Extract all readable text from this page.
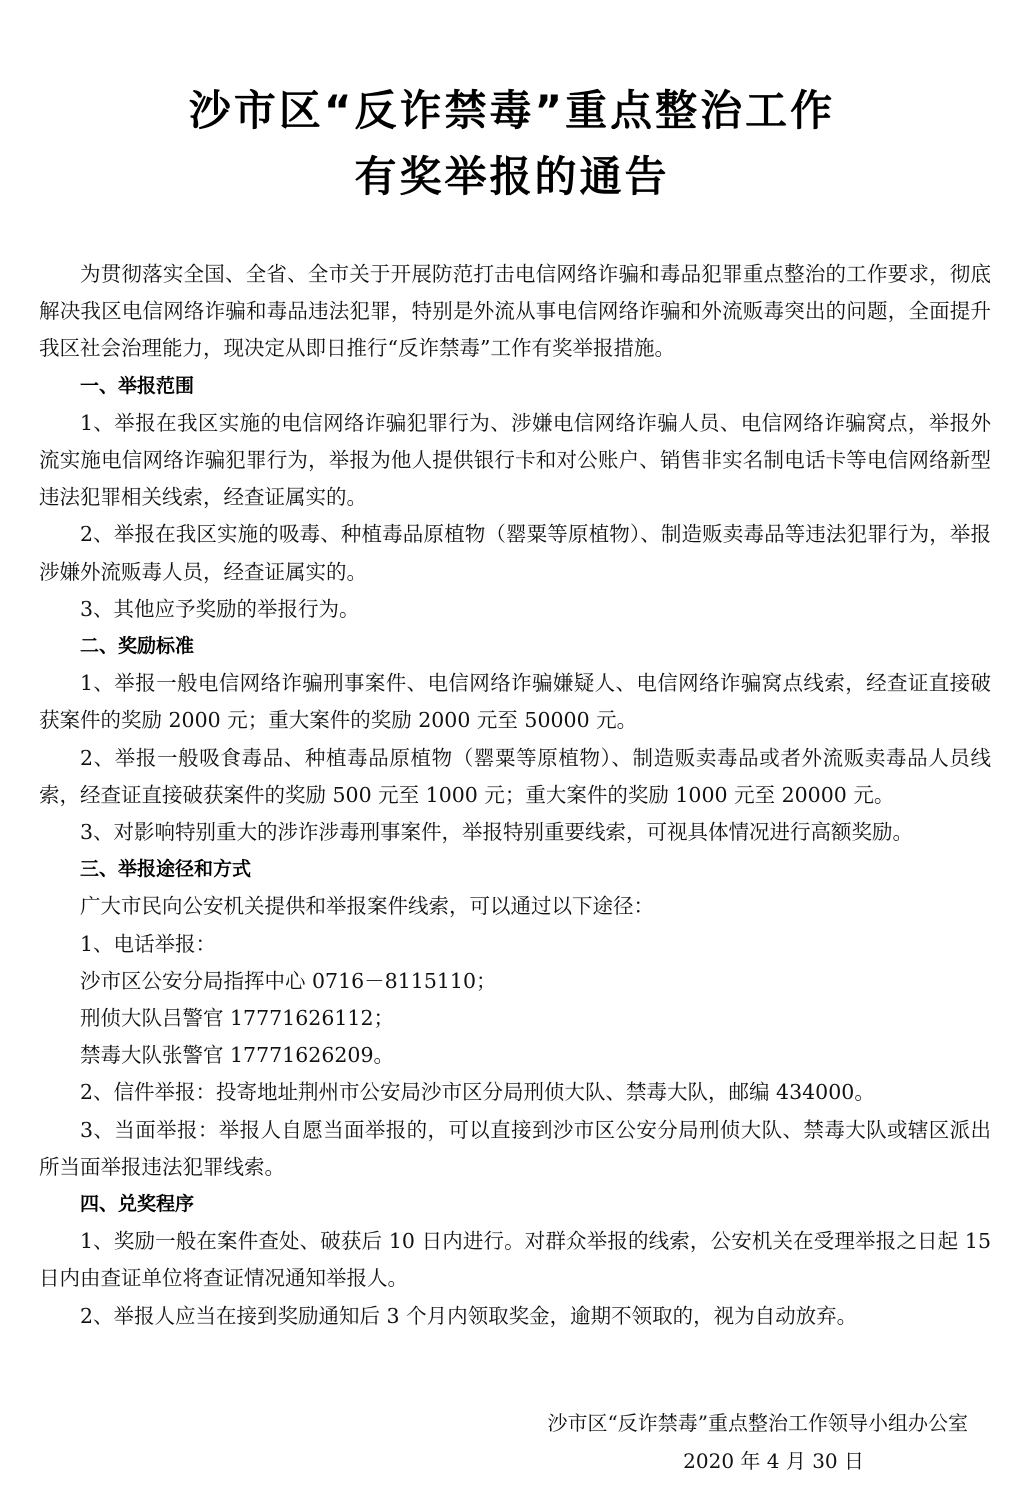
沙市区“反诈禁毒”重点整治工作
有奖举报的通告

为贯彻落实全国、全省、全市关于开展防范打击电信网络诈骗和毒品犯罪重点整治的工作要求，彻底解决我区电信网络诈骗和毒品违法犯罪，特别是外流从事电信网络诈骗和外流贩毒突出的问题，全面提升我区社会治理能力，现决定从即日推行“反诈禁毒”工作有奖举报措施。

一、举报范围

1、举报在我区实施的电信网络诈骗犯罪行为、涉嫌电信网络诈骗人员、电信网络诈骗窝点，举报外流实施电信网络诈骗犯罪行为，举报为他人提供银行卡和对公账户、销售非实名制电话卡等电信网络新型违法犯罪相关线索，经查证属实的。

2、举报在我区实施的吸毒、种植毒品原植物（罂粟等原植物）、制造贩卖毒品等违法犯罪行为，举报涉嫌外流贩毒人员，经查证属实的。

3、其他应予奖励的举报行为。

二、奖励标准

1、举报一般电信网络诈骗刑事案件、电信网络诈骗嫌疑人、电信网络诈骗窝点线索，经查证直接破获案件的奖励 2000 元；重大案件的奖励 2000 元至 50000 元。

2、举报一般吸食毒品、种植毒品原植物（罂粟等原植物）、制造贩卖毒品或者外流贩卖毒品人员线索，经查证直接破获案件的奖励 500 元至 1000 元；重大案件的奖励 1000 元至 20000 元。

3、对影响特别重大的涉诈涉毒刑事案件，举报特别重要线索，可视具体情况进行高额奖励。

三、举报途径和方式

广大市民向公安机关提供和举报案件线索，可以通过以下途径：

1、电话举报：

沙市区公安分局指挥中心 0716－8115110；

刑侦大队吕警官 17771626112；

禁毒大队张警官 17771626209。

2、信件举报：投寄地址荆州市公安局沙市区分局刑侦大队、禁毒大队，邮编 434000。

3、当面举报：举报人自愿当面举报的，可以直接到沙市区公安分局刑侦大队、禁毒大队或辖区派出所当面举报违法犯罪线索。

四、兑奖程序

1、奖励一般在案件查处、破获后 10 日内进行。对群众举报的线索，公安机关在受理举报之日起 15 日内由查证单位将查证情况通知举报人。

2、举报人应当在接到奖励通知后 3 个月内领取奖金，逾期不领取的，视为自动放弃。

沙市区“反诈禁毒”重点整治工作领导小组办公室
2020 年 4 月 30 日
